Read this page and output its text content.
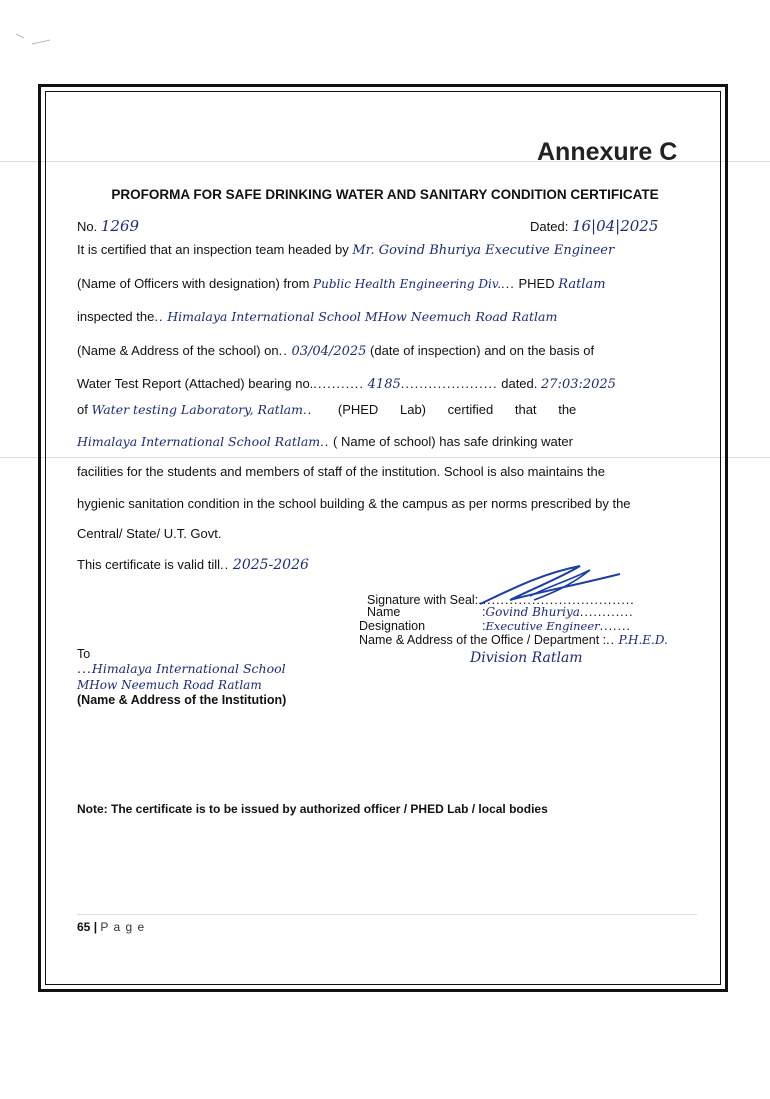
Annexure C
PROFORMA FOR SAFE DRINKING WATER AND SANITARY CONDITION CERTIFICATE
No. 1269	Dated: 16|04|2025
It is certified that an inspection team headed by Mr. Govind Bhuriya Executive Engineer
(Name of Officers with designation) from Public Health Engineering Div.... PHED Ratlam
inspected the.. Himalaya International School MHow Neemuch Road Ratlam
(Name & Address of the school) on.. 03/04/2025 (date of inspection) and on the basis of
Water Test Report (Attached) bearing no............ 4185..................... dated. 27:03:2025
of Water testing Laboratory, Ratlam.. (PHED      Lab)      certified      that      the
Himalaya International School Ratlam.. ( Name of school) has safe drinking water
facilities for the students and members of staff of the institution. School is also maintains the
hygienic sanitation condition in the school building & the campus as per norms prescribed by the
Central/ State/ U.T. Govt.
This certificate is valid till.. 2025-2026
Signature with Seal:...................................
Name	:Govind Bhuriya............
Designation	:Executive Engineer.......
Name & Address of the Office / Department :.. P.H.E.D.
Division Ratlam
To
...Himalaya International School
MHow Neemuch Road Ratlam
(Name & Address of the Institution)
Note: The certificate is to be issued by authorized officer / PHED Lab / local bodies
65 | P a g e
